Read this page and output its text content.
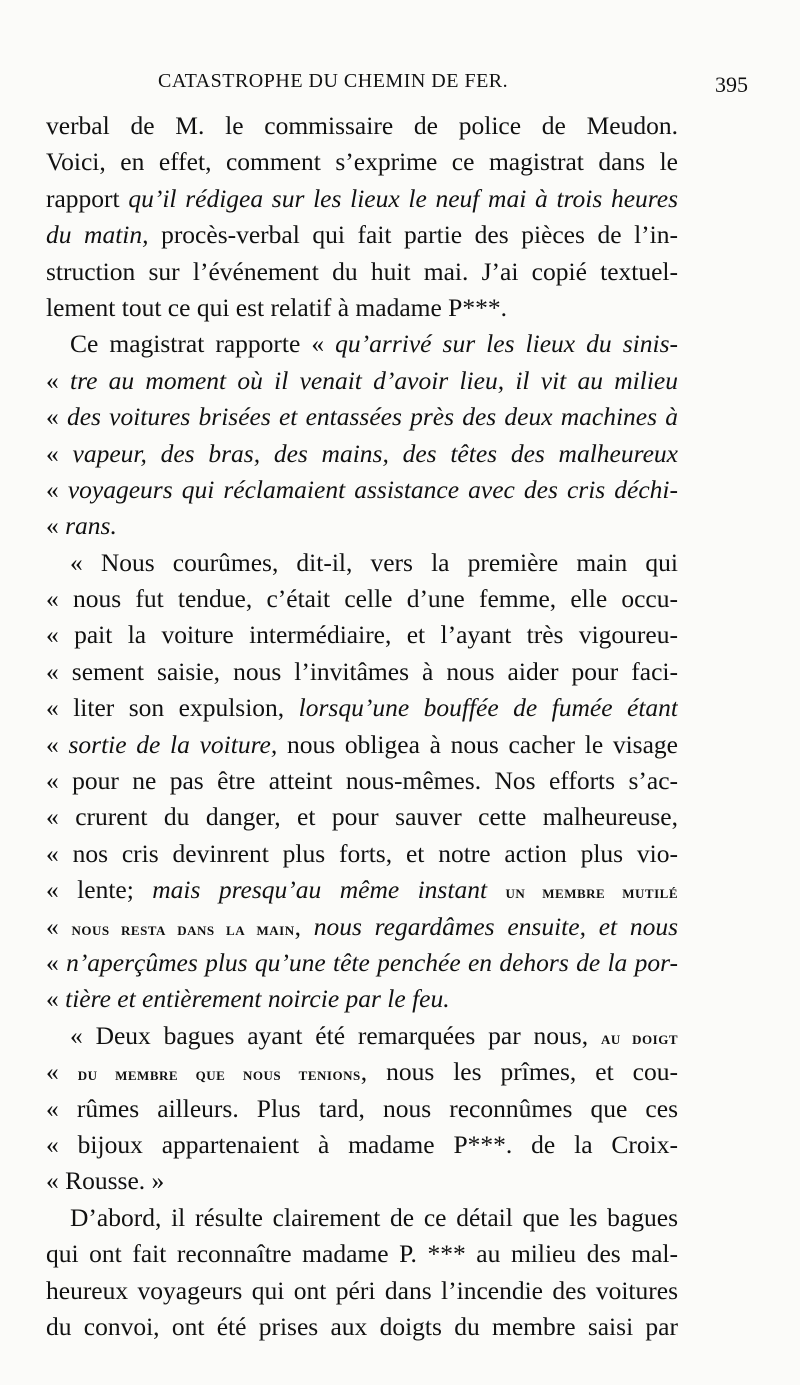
CATASTROPHE DU CHEMIN DE FER.	395
verbal de M. le commissaire de police de Meudon.
Voici, en effet, comment s’exprime ce magistrat dans le
rapport qu’il rédigea sur les lieux le neuf mai à trois heures
du matin, procès-verbal qui fait partie des pièces de l’in-
struction sur l’événement du huit mai. J’ai copié textuel-
lement tout ce qui est relatif à madame P***.
Ce magistrat rapporte « qu’arrivé sur les lieux du sinis-
« tre au moment où il venait d’avoir lieu, il vit au milieu
« des voitures brisées et entassées près des deux machines à
« vapeur, des bras, des mains, des têtes des malheureux
« voyageurs qui réclamaient assistance avec des cris déchi-
« rans.
« Nous courûmes, dit-il, vers la première main qui
« nous fut tendue, c’était celle d’une femme, elle occu-
« pait la voiture intermédiaire, et l’ayant très vigoureu-
« sement saisie, nous l’invitâmes à nous aider pour faci-
« liter son expulsion, lorsqu’une bouffée de fumée étant
« sortie de la voiture, nous obligea à nous cacher le visage
« pour ne pas être atteint nous-mêmes. Nos efforts s’ac-
« crurent du danger, et pour sauver cette malheureuse,
« nos cris devinrent plus forts, et notre action plus vio-
« lente; mais presqu’au même instant un membre mutilé
« nous resta dans la main, nous regardâmes ensuite, et nous
« n’aperçûmes plus qu’une tête penchée en dehors de la por-
« tière et entièrement noircie par le feu.
« Deux bagues ayant été remarquées par nous, au doigt
« du membre que nous tenions, nous les prîmes, et cou-
« rûmes ailleurs. Plus tard, nous reconnûmes que ces
« bijoux appartenaient à madame P***. de la Croix-
« Rousse. »
D’abord, il résulte clairement de ce détail que les bagues
qui ont fait reconnaître madame P. *** au milieu des mal-
heureux voyageurs qui ont péri dans l’incendie des voitures
du convoi, ont été prises aux doigts du membre saisi par
